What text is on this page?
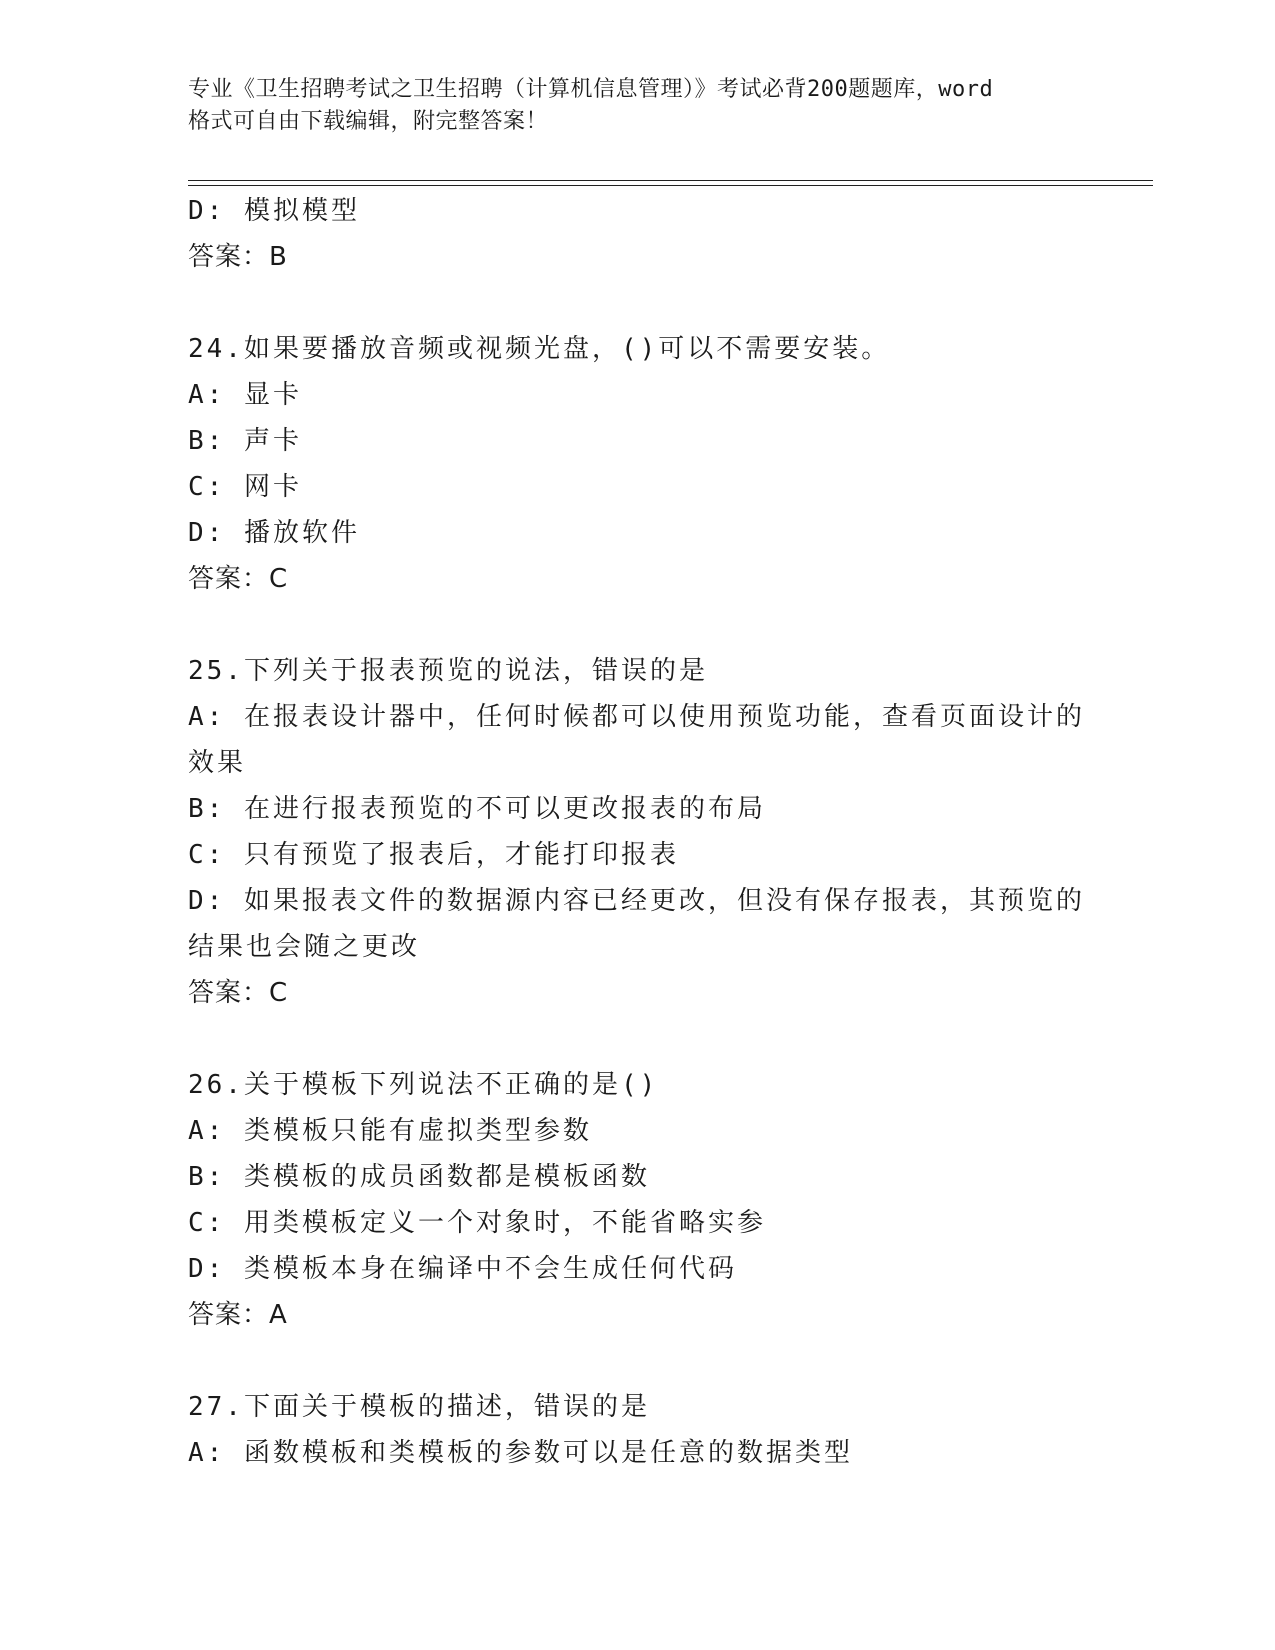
专业《卫生招聘考试之卫生招聘（计算机信息管理）》考试必背200题题库，word
格式可自由下载编辑，附完整答案！
D: 模拟模型
答案：B
24.如果要播放音频或视频光盘，()可以不需要安装。
A: 显卡
B: 声卡
C: 网卡
D: 播放软件
答案：C
25.下列关于报表预览的说法，错误的是
A: 在报表设计器中，任何时候都可以使用预览功能，查看页面设计的
效果
B: 在进行报表预览的不可以更改报表的布局
C: 只有预览了报表后，才能打印报表
D: 如果报表文件的数据源内容已经更改，但没有保存报表，其预览的
结果也会随之更改
答案：C
26.关于模板下列说法不正确的是()
A: 类模板只能有虚拟类型参数
B: 类模板的成员函数都是模板函数
C: 用类模板定义一个对象时，不能省略实参
D: 类模板本身在编译中不会生成任何代码
答案：A
27.下面关于模板的描述，错误的是
A: 函数模板和类模板的参数可以是任意的数据类型
